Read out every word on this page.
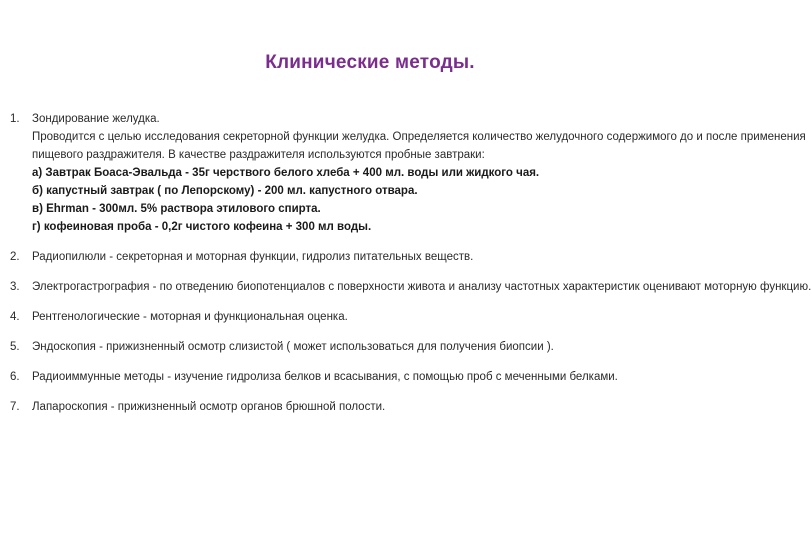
Клинические методы.
1.	Зондирование желудка.
Проводится с целью исследования секреторной функции желудка. Определяется количество желудочного содержимого до и после применения
пищевого раздражителя. В качестве раздражителя используются пробные завтраки:
а) Завтрак Боаса-Эвальда - 35г черствого белого хлеба + 400 мл. воды или жидкого чая.
б) капустный завтрак ( по Лепорскому) - 200 мл. капустного отвара.
в) Ehrman - 300мл. 5% раствора этилового спирта.
г) кофеиновая проба - 0,2г чистого кофеина + 300 мл воды.
2.	Радиопилюли - секреторная и моторная функции, гидролиз питательных веществ.
3.	Электрогастрография - по отведению биопотенциалов с поверхности живота и анализу частотных характеристик оценивают моторную функцию.
4.	Рентгенологические - моторная и функциональная оценка.
5.	Эндоскопия - прижизненный осмотр слизистой ( может использоваться для получения биопсии ).
6.	Радиоиммунные методы - изучение гидролиза белков и всасывания, с помощью проб с меченными белками.
7.	Лапароскопия - прижизненный осмотр органов брюшной полости.
